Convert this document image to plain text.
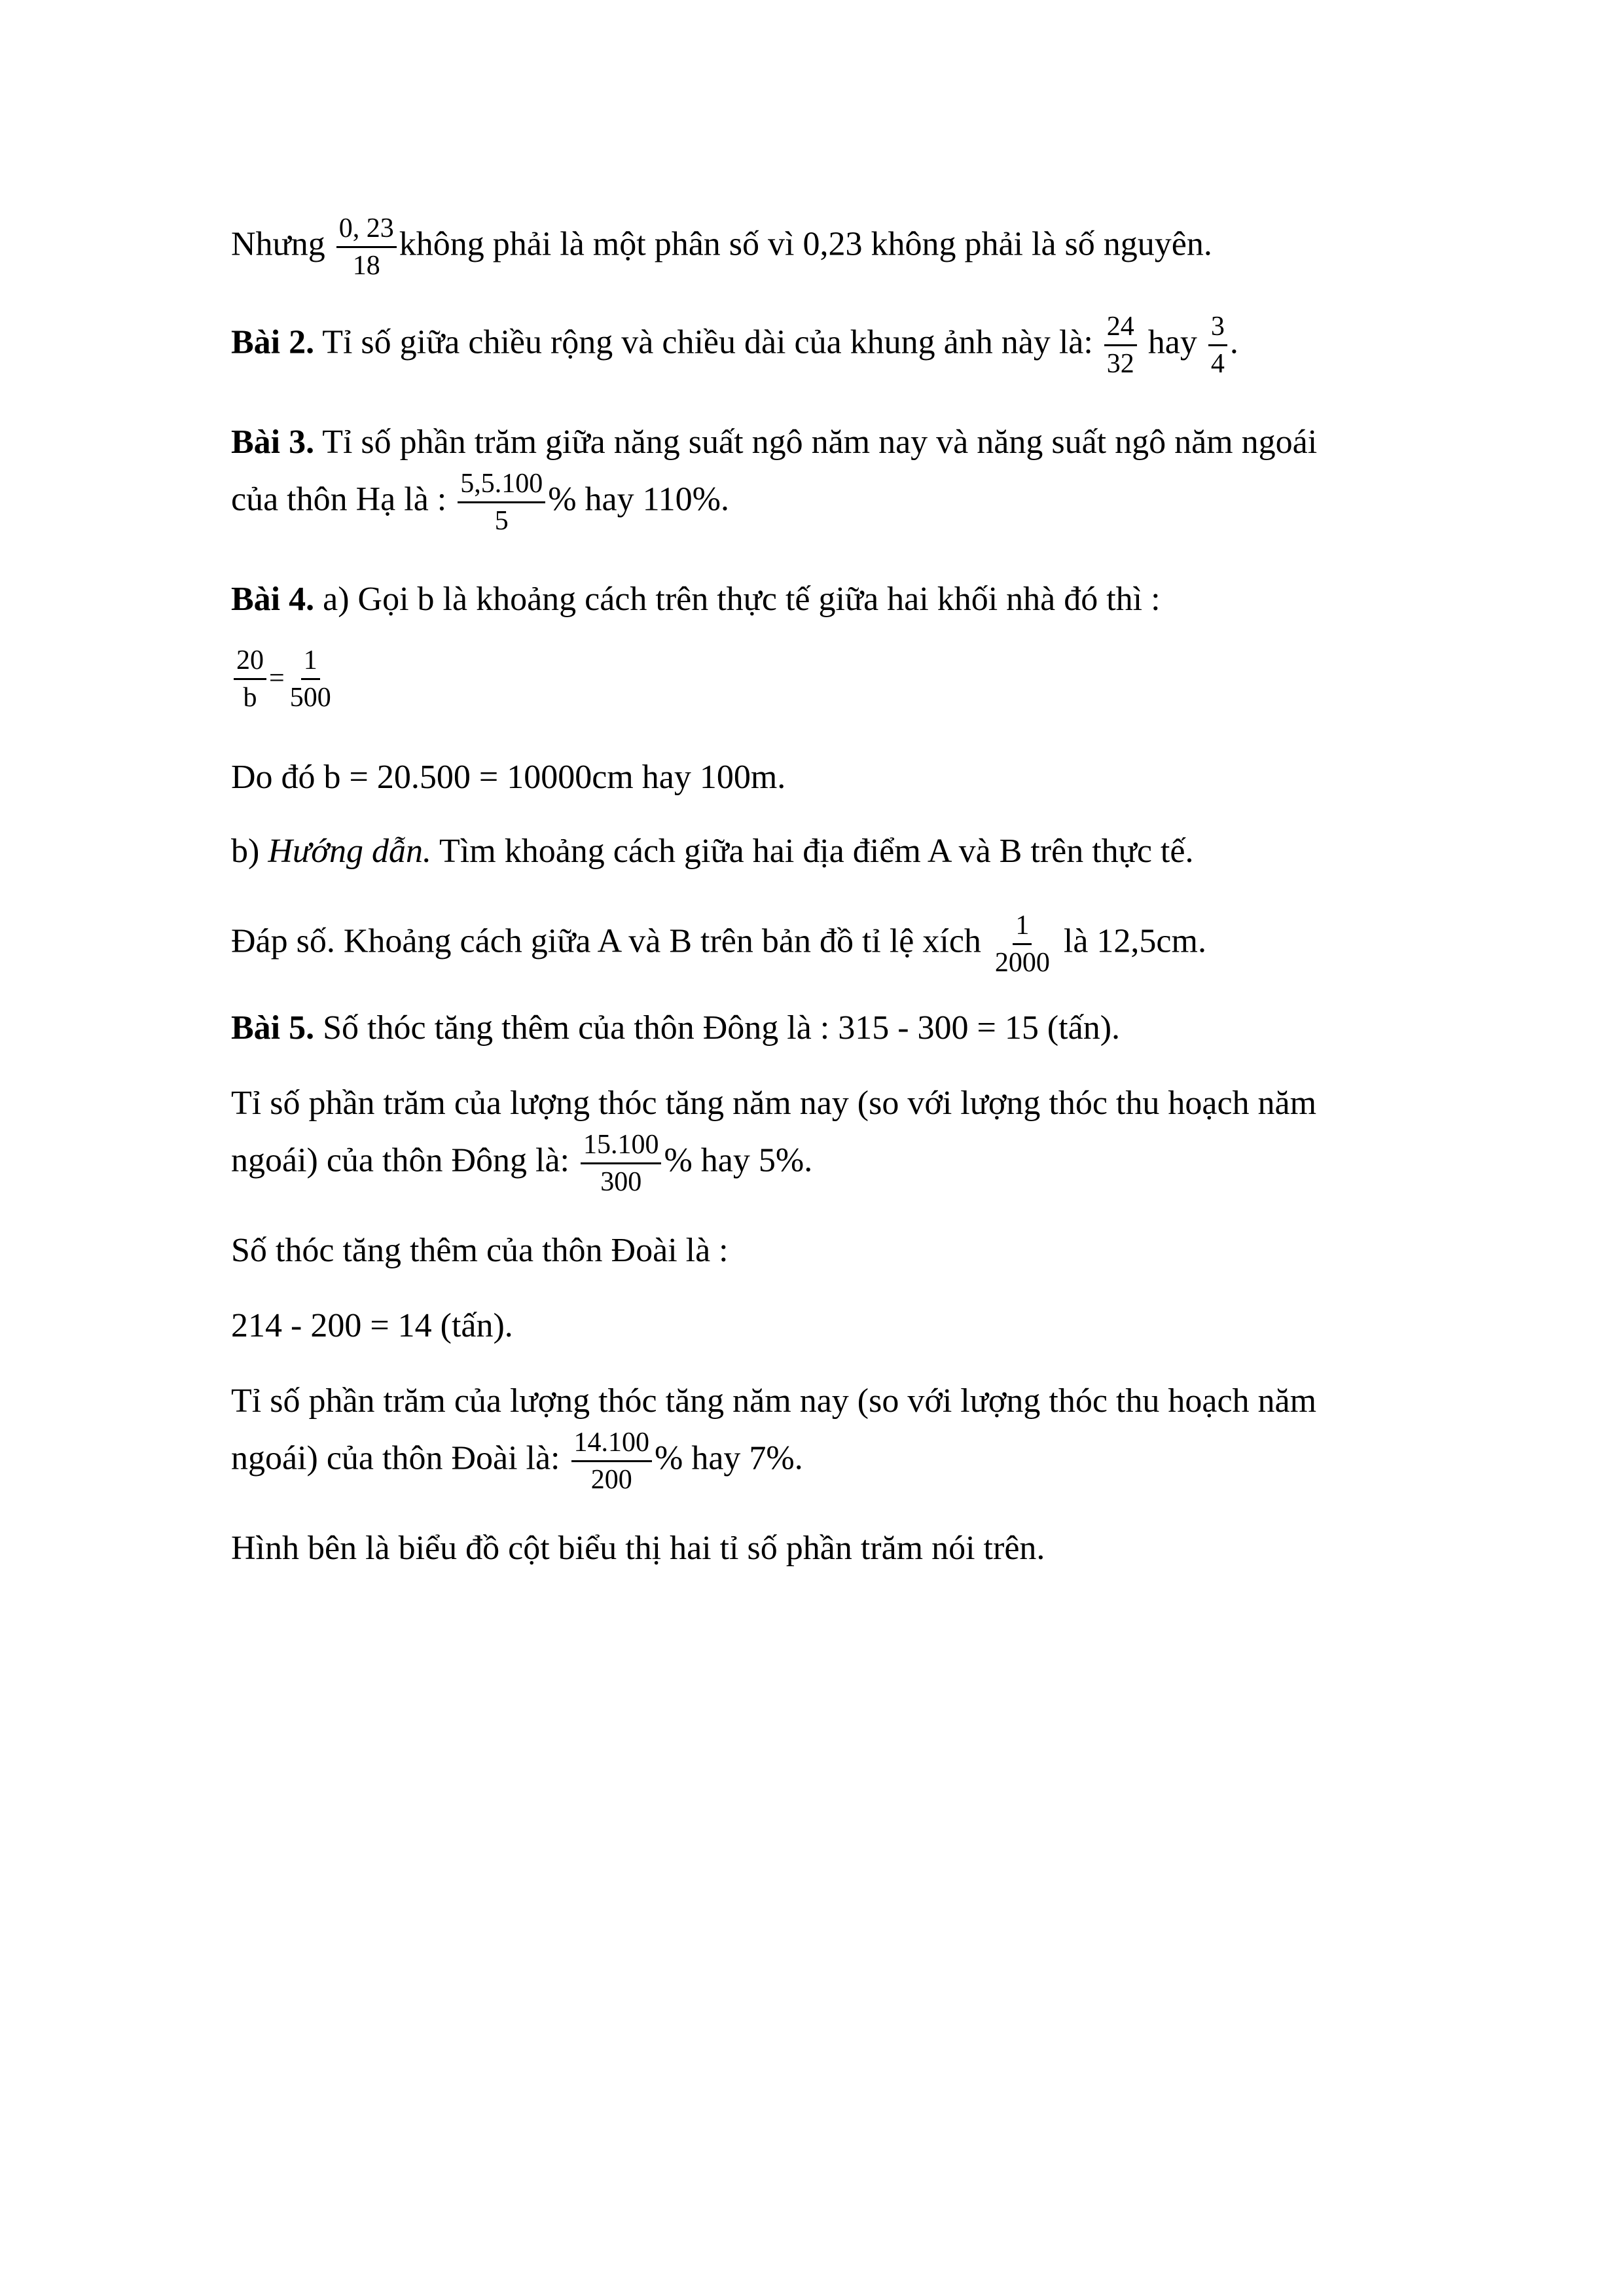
Nhưng $\frac{0, 23}{18}$ không phải là một phân số vì 0,23 không phải là số nguyên.
Bài 2. Tỉ số giữa chiều rộng và chiều dài của khung ảnh này là: $\frac{24}{32}$ hay $\frac{3}{4}$ .
Bài 3. Tỉ số phần trăm giữa năng suất ngô năm nay và năng suất ngô năm ngoái
của thôn Hạ là : $\frac{5,5.100}{5}$ % hay 110%.
Bài 4. a) Gọi b là khoảng cách trên thực tế giữa hai khối nhà đó thì :
$\frac{20}{b} = \frac{1}{500}$
Do đó b = 20.500 = 10000cm hay 100m.
b) Hướng dẫn. Tìm khoảng cách giữa hai địa điểm A và B trên thực tế.
Đáp số. Khoảng cách giữa A và B trên bản đồ tỉ lệ xích $\frac{1}{2000}$ là 12,5cm.
Bài 5. Số thóc tăng thêm của thôn Đông là : 315 - 300 = 15 (tấn).
Tỉ số phần trăm của lượng thóc tăng năm nay (so với lượng thóc thu hoạch năm
ngoái) của thôn Đông là: $\frac{15.100}{300}$ % hay 5%.
Số thóc tăng thêm của thôn Đoài là :
214 - 200 = 14 (tấn).
Tỉ số phần trăm của lượng thóc tăng năm nay (so với lượng thóc thu hoạch năm
ngoái) của thôn Đoài là: $\frac{14.100}{200}$ % hay 7%.
Hình bên là biểu đồ cột biểu thị hai tỉ số phần trăm nói trên.
